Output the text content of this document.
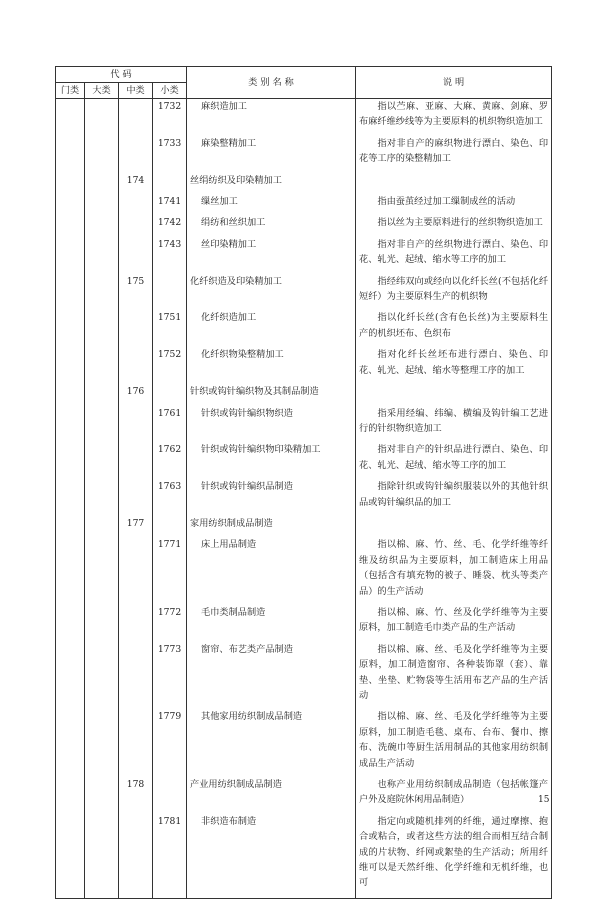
代 码				类 别 名 称	说 明
门类	大类	中类	小类		
			1732	麻织造加工	指以苎麻、亚麻、大麻、黄麻、剑麻、罗布麻纤维纱线等为主要原料的机织物织造加工

			1733	麻染整精加工	指对非自产的麻织物进行漂白、染色、印花等工序的染整精加工

		174		丝绢纺织及印染精加工	

			1741	缫丝加工	指由蚕茧经过加工缫制成丝的活动

			1742	绢纺和丝织加工	指以丝为主要原料进行的丝织物织造加工

			1743	丝印染精加工	指对非自产的丝织物进行漂白、染色、印花、轧光、起绒、缩水等工序的加工

		175		化纤织造及印染精加工	指经纬双向或经向以化纤长丝(不包括化纤短纤）为主要原料生产的机织物

			1751	化纤织造加工	指以化纤长丝(含有色长丝)为主要原料生产的机织坯布、色织布

			1752	化纤织物染整精加工	指对化纤长丝坯布进行漂白、染色、印花、轧光、起绒、缩水等整理工序的加工

		176		针织或钩针编织物及其制品制造	

			1761	针织或钩针编织物织造	指采用经编、纬编、横编及钩针编工艺进行的针织物织造加工

			1762	针织或钩针编织物印染精加工	指对非自产的针织品进行漂白、染色、印花、轧光、起绒、缩水等工序的加工

			1763	针织或钩针编织品制造	指除针织或钩针编织服装以外的其他针织品或钩针编织品的加工

		177		家用纺织制成品制造	

			1771	床上用品制造	指以棉、麻、竹、丝、毛、化学纤维等纤维及纺织品为主要原料，加工制造床上用品（包括含有填充物的被子、睡袋、枕头等类产品）的生产活动

			1772	毛巾类制品制造	指以棉、麻、竹、丝及化学纤维等为主要原料，加工制造毛巾类产品的生产活动

			1773	窗帘、布艺类产品制造	指以棉、麻、丝、毛及化学纤维等为主要原料，加工制造窗帘、各种装饰罩（套）、靠垫、坐垫、贮物袋等生活用布艺产品的生产活动

			1779	其他家用纺织制成品制造	指以棉、麻、丝、毛及化学纤维等为主要原料，加工制造毛毯、桌布、台布、餐巾、擦布、洗碗巾等厨生活用制品的其他家用纺织制成品生产活动

		178		产业用纺织制成品制造	也称产业用纺织制成品制造（包括帐篷产户外及庭院休闲用品制造）

			1781	非织造布制造	指定向或随机排列的纤维，通过摩擦、抱合或粘合，或者这些方法的组合而相互结合制成的片状物、纤网或絮垫的生产活动；所用纤维可以是天然纤维、化学纤维和无机纤维，也可

15
